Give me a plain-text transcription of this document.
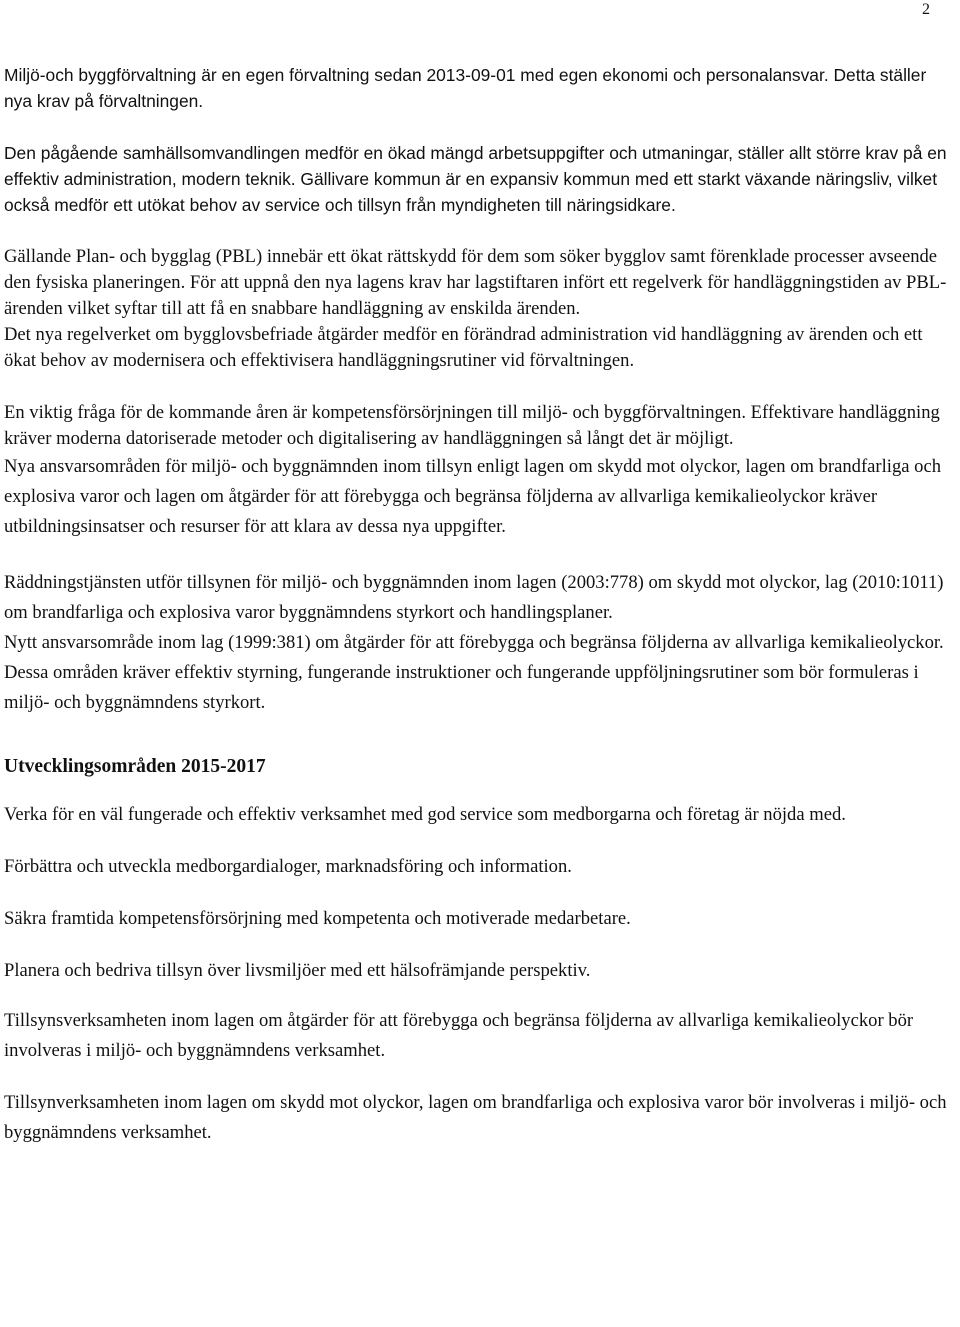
2

Miljö-och byggförvaltning är en egen förvaltning sedan 2013-09-01 med egen ekonomi och personalansvar. Detta ställer nya krav på förvaltningen.

Den pågående samhällsomvandlingen medför en ökad mängd arbetsuppgifter och utmaningar, ställer allt större krav på en effektiv administration, modern teknik. Gällivare kommun är en expansiv kommun med ett starkt växande näringsliv, vilket också medför ett utökat behov av service och tillsyn från myndigheten till näringsidkare.

Gällande Plan- och bygglag (PBL) innebär ett ökat rättskydd för dem som söker bygglov samt förenklade processer avseende den fysiska planeringen. För att uppnå den nya lagens krav har lagstiftaren infört ett regelverk för handläggningstiden av PBL-ärenden vilket syftar till att få en snabbare handläggning av enskilda ärenden.

Det nya regelverket om bygglovsbefriade åtgärder medför en förändrad administration vid handläggning av ärenden och ett ökat behov av modernisera och effektivisera handläggningsrutiner vid förvaltningen.

En viktig fråga för de kommande åren är kompetensförsörjningen till miljö- och byggförvaltningen. Effektivare handläggning kräver moderna datoriserade metoder och digitalisering av handläggningen så långt det är möjligt.

Nya ansvarsområden för miljö- och byggnämnden inom tillsyn enligt lagen om skydd mot olyckor, lagen om brandfarliga och explosiva varor och lagen om åtgärder för att förebygga och begränsa följderna av allvarliga kemikalieolyckor kräver utbildningsinsatser och resurser för att klara av dessa nya uppgifter.

Räddningstjänsten utför tillsynen för miljö- och byggnämnden inom lagen (2003:778) om skydd mot olyckor, lag (2010:1011) om brandfarliga och explosiva varor byggnämndens styrkort och handlingsplaner.

Nytt ansvarsområde inom lag (1999:381) om åtgärder för att förebygga och begränsa följderna av allvarliga kemikalieolyckor.

Dessa områden kräver effektiv styrning, fungerande instruktioner och fungerande uppföljningsrutiner som bör formuleras i miljö- och byggnämndens styrkort.

Utvecklingsområden 2015-2017

Verka för en väl fungerade och effektiv verksamhet med god service som medborgarna och företag är nöjda med.

Förbättra och utveckla medborgardialoger, marknadsföring och information.

Säkra framtida kompetensförsörjning med kompetenta och motiverade medarbetare.

Planera och bedriva tillsyn över livsmiljöer med ett hälsofrämjande perspektiv.

Tillsynsverksamheten inom lagen om åtgärder för att förebygga och begränsa följderna av allvarliga kemikalieolyckor bör involveras i miljö- och byggnämndens verksamhet.

Tillsynverksamheten inom lagen om skydd mot olyckor, lagen om brandfarliga och explosiva varor bör involveras i miljö- och byggnämndens verksamhet.
